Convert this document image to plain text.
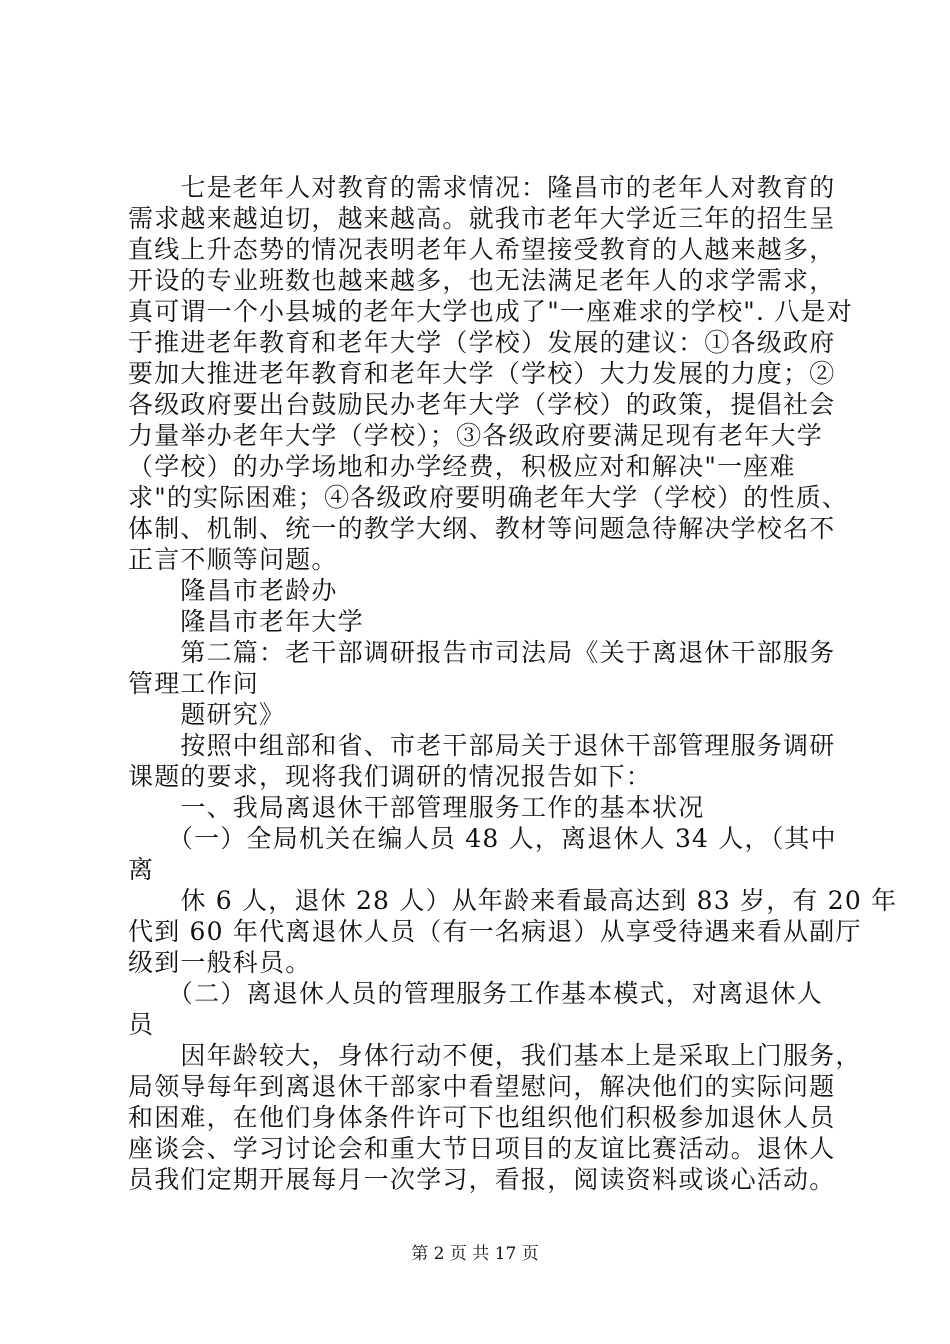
　　七是老年人对教育的需求情况：隆昌市的老年人对教育的
需求越来越迫切，越来越高。就我市老年大学近三年的招生呈
直线上升态势的情况表明老年人希望接受教育的人越来越多，
开设的专业班数也越来越多，也无法满足老年人的求学需求，
真可谓一个小县城的老年大学也成了"一座难求的学校". 八是对
于推进老年教育和老年大学（学校）发展的建议：①各级政府
要加大推进老年教育和老年大学（学校）大力发展的力度；②
各级政府要出台鼓励民办老年大学（学校）的政策，提倡社会
力量举办老年大学（学校）；③各级政府要满足现有老年大学
（学校）的办学场地和办学经费，积极应对和解决"一座难
求"的实际困难；④各级政府要明确老年大学（学校）的性质、
体制、机制、统一的教学大纲、教材等问题急待解决学校名不
正言不顺等问题。
　　隆昌市老龄办
　　隆昌市老年大学
　　第二篇：老干部调研报告市司法局《关于离退休干部服务
管理工作问
　　题研究》
　　按照中组部和省、市老干部局关于退休干部管理服务调研
课题的要求，现将我们调研的情况报告如下：
　　一、我局离退休干部管理服务工作的基本状况
　　（一）全局机关在编人员 48 人，离退休人 34 人，（其中
离
　　休 6 人，退休 28 人）从年龄来看最高达到 83 岁，有 20 年
代到 60 年代离退休人员（有一名病退）从享受待遇来看从副厅
级到一般科员。
　　（二）离退休人员的管理服务工作基本模式，对离退休人
员
　　因年龄较大，身体行动不便，我们基本上是采取上门服务，
局领导每年到离退休干部家中看望慰问，解决他们的实际问题
和困难，在他们身体条件许可下也组织他们积极参加退休人员
座谈会、学习讨论会和重大节日项目的友谊比赛活动。退休人
员我们定期开展每月一次学习，看报，阅读资料或谈心活动。
第 2 页 共 17 页
